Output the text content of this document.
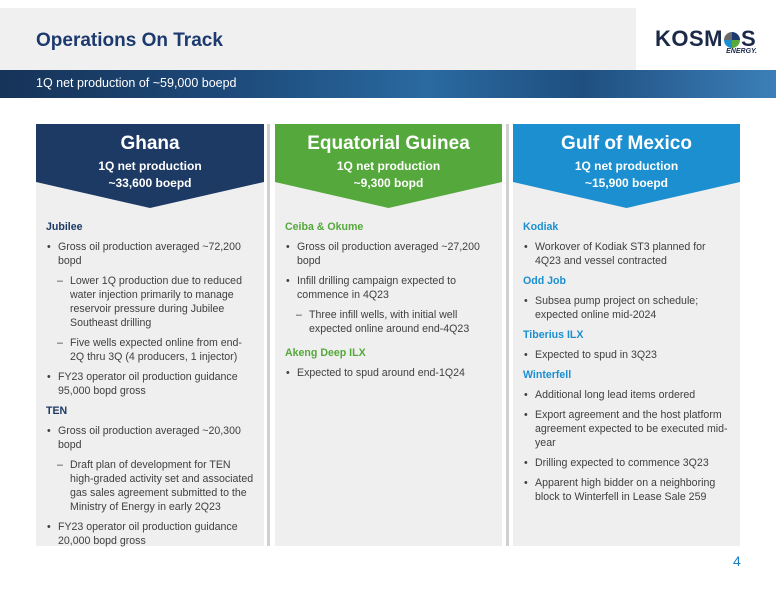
Operations On Track	KOSM S
ENERGY.
1Q net production of ~59,000 boepd
Ghana
1Q net production
~33,600 boepd
Jubilee
• Gross oil production averaged ~72,200 bopd
– Lower 1Q production due to reduced water injection primarily to manage reservoir pressure during Jubilee Southeast drilling
– Five wells expected online from end-2Q thru 3Q (4 producers, 1 injector)
• FY23 operator oil production guidance 95,000 bopd gross
TEN
• Gross oil production averaged ~20,300 bopd
– Draft plan of development for TEN high-graded activity set and associated gas sales agreement submitted to the Ministry of Energy in early 2Q23
• FY23 operator oil production guidance 20,000 bopd gross
Equatorial Guinea
1Q net production
~9,300 bopd
Ceiba & Okume
• Gross oil production averaged ~27,200 bopd
• Infill drilling campaign expected to commence in 4Q23
– Three infill wells, with initial well expected online around end-4Q23
Akeng Deep ILX
• Expected to spud around end-1Q24
Gulf of Mexico
1Q net production
~15,900 boepd
Kodiak
• Workover of Kodiak ST3 planned for 4Q23 and vessel contracted
Odd Job
• Subsea pump project on schedule; expected online mid-2024
Tiberius ILX
• Expected to spud in 3Q23
Winterfell
• Additional long lead items ordered
• Export agreement and the host platform agreement expected to be executed mid-year
• Drilling expected to commence 3Q23
• Apparent high bidder on a neighboring block to Winterfell in Lease Sale 259
4
